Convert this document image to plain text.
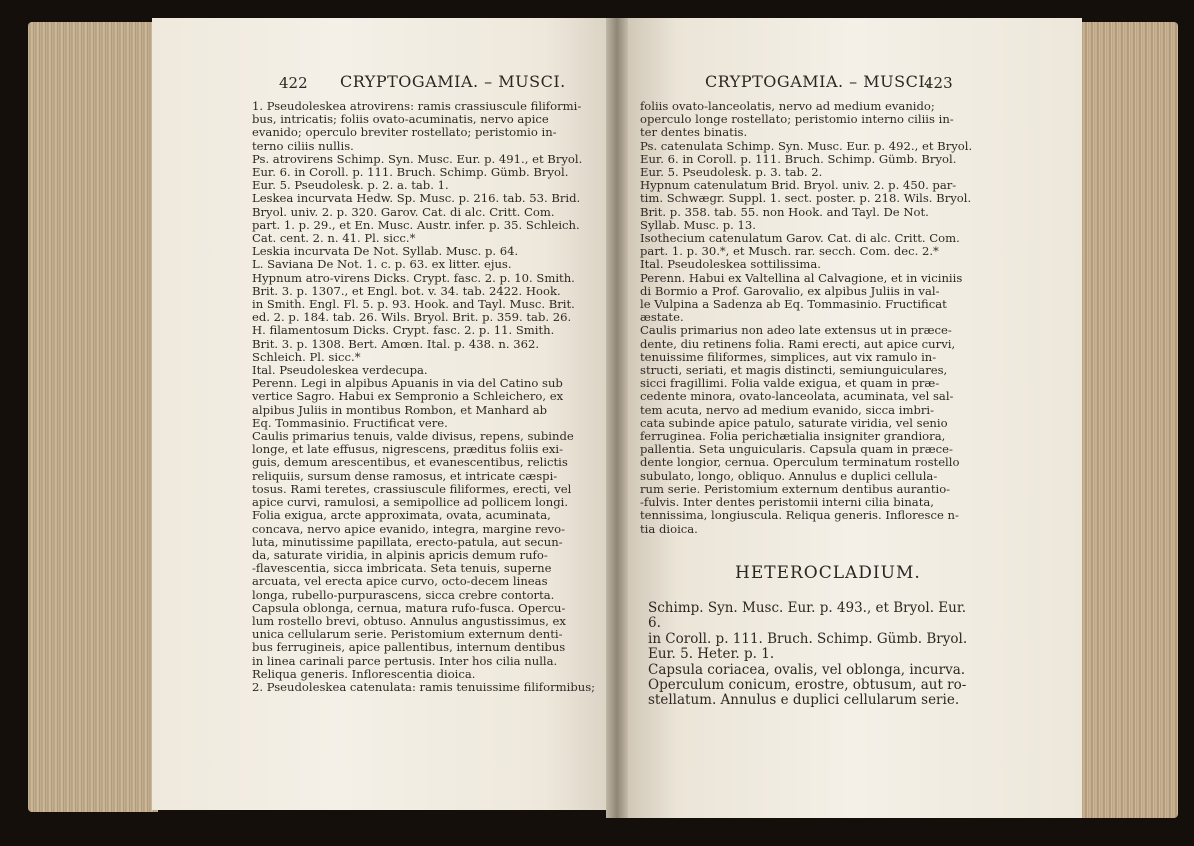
422 CRYPTOGAMIA. – MUSCI.	423
CRYPTOGAMIA. – MUSCI.

1. Pseudoleskea atrovirens: ramis crassiuscule filiformi-

bus, intricatis; foliis ovato-acuminatis, nervo apice

evanido; operculo breviter rostellato; peristomio in-

terno ciliis nullis.

Ps. atrovirens Schimp. Syn. Musc. Eur. p. 491., et Bryol.

Eur. 6. in Coroll. p. 111. Bruch. Schimp. Gümb. Bryol.

Eur. 5. Pseudolesk. p. 2. a. tab. 1.

Leskea incurvata Hedw. Sp. Musc. p. 216. tab. 53. Brid.

Bryol. univ. 2. p. 320. Garov. Cat. di alc. Critt. Com.

part. 1. p. 29., et En. Musc. Austr. infer. p. 35. Schleich.

Cat. cent. 2. n. 41. Pl. sicc.*

Leskia incurvata De Not. Syllab. Musc. p. 64.

L. Saviana De Not. 1. c. p. 63. ex litter. ejus.

Hypnum atro-virens Dicks. Crypt. fasc. 2. p. 10. Smith.

Brit. 3. p. 1307., et Engl. bot. v. 34. tab. 2422. Hook.

in Smith. Engl. Fl. 5. p. 93. Hook. and Tayl. Musc. Brit.

ed. 2. p. 184. tab. 26. Wils. Bryol. Brit. p. 359. tab. 26.

H. filamentosum Dicks. Crypt. fasc. 2. p. 11. Smith.

Brit. 3. p. 1308. Bert. Amœn. Ital. p. 438. n. 362.

Schleich. Pl. sicc.*

Ital. Pseudoleskea verdecupa.

Perenn. Legi in alpibus Apuanis in via del Catino sub

vertice Sagro. Habui ex Sempronio a Schleichero, ex

alpibus Juliis in montibus Rombon, et Manhard ab

Eq. Tommasinio. Fructificat vere.

Caulis primarius tenuis, valde divisus, repens, subinde

longe, et late effusus, nigrescens, præditus foliis exi-

guis, demum arescentibus, et evanescentibus, relictis

reliquiis, sursum dense ramosus, et intricate cæspi-

tosus. Rami teretes, crassiuscule filiformes, erecti, vel

apice curvi, ramulosi, a semipollice ad pollicem longi.

Folia exigua, arcte approximata, ovata, acuminata,

concava, nervo apice evanido, integra, margine revo-

luta, minutissime papillata, erecto-patula, aut secun-

da, saturate viridia, in alpinis apricis demum rufo-

-flavescentia, sicca imbricata. Seta tenuis, superne

arcuata, vel erecta apice curvo, octo-decem lineas

longa, rubello-purpurascens, sicca crebre contorta.

Capsula oblonga, cernua, matura rufo-fusca. Opercu-

lum rostello brevi, obtuso. Annulus angustissimus, ex

unica cellularum serie. Peristomium externum denti-

bus ferrugineis, apice pallentibus, internum dentibus

in linea carinali parce pertusis. Inter hos cilia nulla.

Reliqua generis. Inflorescentia dioica.

2. Pseudoleskea catenulata: ramis tenuissime filiformibus;

foliis ovato-lanceolatis, nervo ad medium evanido;

operculo longe rostellato; peristomio interno ciliis in-

ter dentes binatis.

Ps. catenulata Schimp. Syn. Musc. Eur. p. 492., et Bryol.

Eur. 6. in Coroll. p. 111. Bruch. Schimp. Gümb. Bryol.

Eur. 5. Pseudolesk. p. 3. tab. 2.

Hypnum catenulatum Brid. Bryol. univ. 2. p. 450. par-

tim. Schwægr. Suppl. 1. sect. poster. p. 218. Wils. Bryol.

Brit. p. 358. tab. 55. non Hook. and Tayl. De Not.

Syllab. Musc. p. 13.

Isothecium catenulatum Garov. Cat. di alc. Critt. Com.

part. 1. p. 30.*, et Musch. rar. secch. Com. dec. 2.*

Ital. Pseudoleskea sottilissima.

Perenn. Habui ex Valtellina al Calvagione, et in viciniis

di Bormio a Prof. Garovalio, ex alpibus Juliis in val-

le Vulpina a Sadenza ab Eq. Tommasinio. Fructificat

æstate.

Caulis primarius non adeo late extensus ut in præce-

dente, diu retinens folia. Rami erecti, aut apice curvi,

tenuissime filiformes, simplices, aut vix ramulo in-

structi, seriati, et magis distincti, semiunguiculares,

sicci fragillimi. Folia valde exigua, et quam in præ-

cedente minora, ovato-lanceolata, acuminata, vel sal-

tem acuta, nervo ad medium evanido, sicca imbri-

cata subinde apice patulo, saturate viridia, vel senio

ferruginea. Folia perichætialia insigniter grandiora,

pallentia. Seta unguicularis. Capsula quam in præce-

dente longior, cernua. Operculum terminatum rostello

subulato, longo, obliquo. Annulus e duplici cellula-

rum serie. Peristomium externum dentibus aurantio-

-fulvis. Inter dentes peristomii interni cilia binata,

tennissima, longiuscula. Reliqua generis. Infloresce n-

tia dioica.

HETEROCLADIUM.

Schimp. Syn. Musc. Eur. p. 493., et Bryol. Eur. 6.

in Coroll. p. 111. Bruch. Schimp. Gümb. Bryol.

Eur. 5. Heter. p. 1.

Capsula coriacea, ovalis, vel oblonga, incurva.

Operculum conicum, erostre, obtusum, aut ro-

stellatum. Annulus e duplici cellularum serie.
